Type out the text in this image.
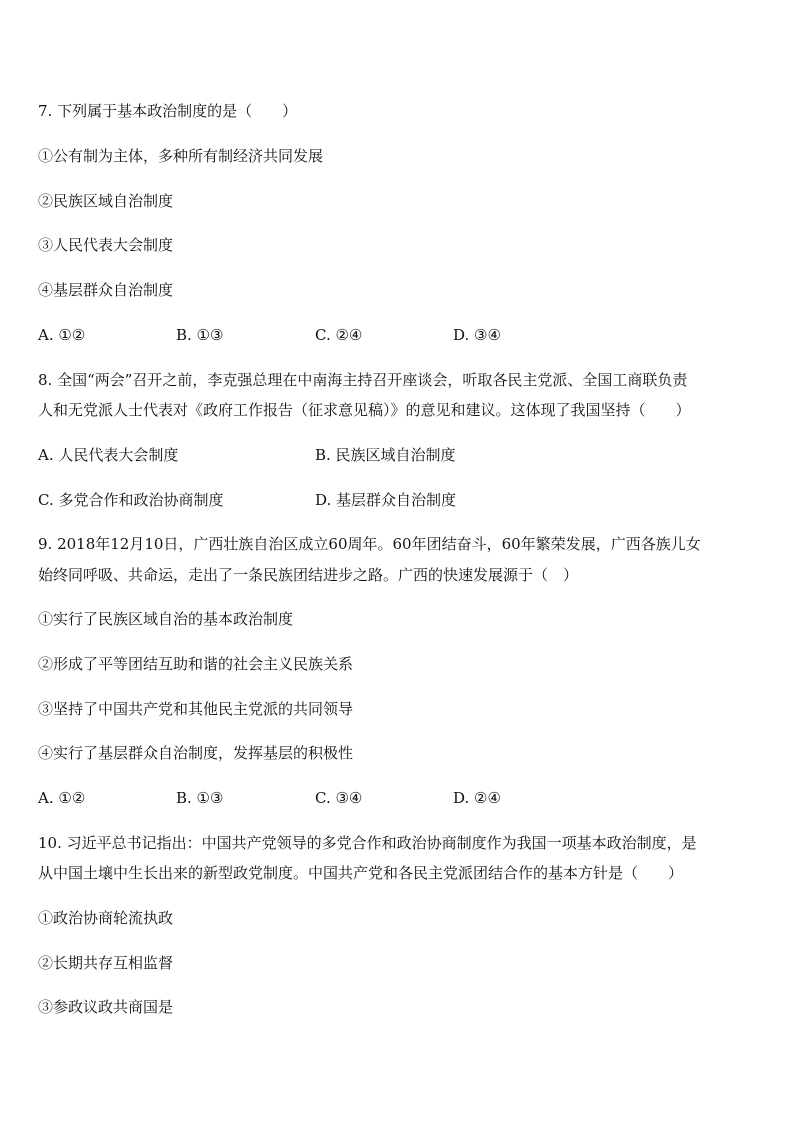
7. 下列属于基本政治制度的是（　　）
①公有制为主体，多种所有制经济共同发展
②民族区域自治制度
③人民代表大会制度
④基层群众自治制度
A. ①②	B. ①③	C. ②④	D. ③④
8. 全国“两会”召开之前，李克强总理在中南海主持召开座谈会，听取各民主党派、全国工商联负责
人和无党派人士代表对《政府工作报告（征求意见稿）》的意见和建议。这体现了我国坚持（　　）
A. 人民代表大会制度	B. 民族区域自治制度
C. 多党合作和政治协商制度	D. 基层群众自治制度
9. 2018年12月10日，广西壮族自治区成立60周年。60年团结奋斗，60年繁荣发展，广西各族儿女
始终同呼吸、共命运，走出了一条民族团结进步之路。广西的快速发展源于（　）
①实行了民族区域自治的基本政治制度
②形成了平等团结互助和谐的社会主义民族关系
③坚持了中国共产党和其他民主党派的共同领导
④实行了基层群众自治制度，发挥基层的积极性
A. ①②	B. ①③	C. ③④	D. ②④
10. 习近平总书记指出：中国共产党领导的多党合作和政治协商制度作为我国一项基本政治制度，是
从中国土壤中生长出来的新型政党制度。中国共产党和各民主党派团结合作的基本方针是（　　）
①政治协商轮流执政
②长期共存互相监督
③参政议政共商国是
